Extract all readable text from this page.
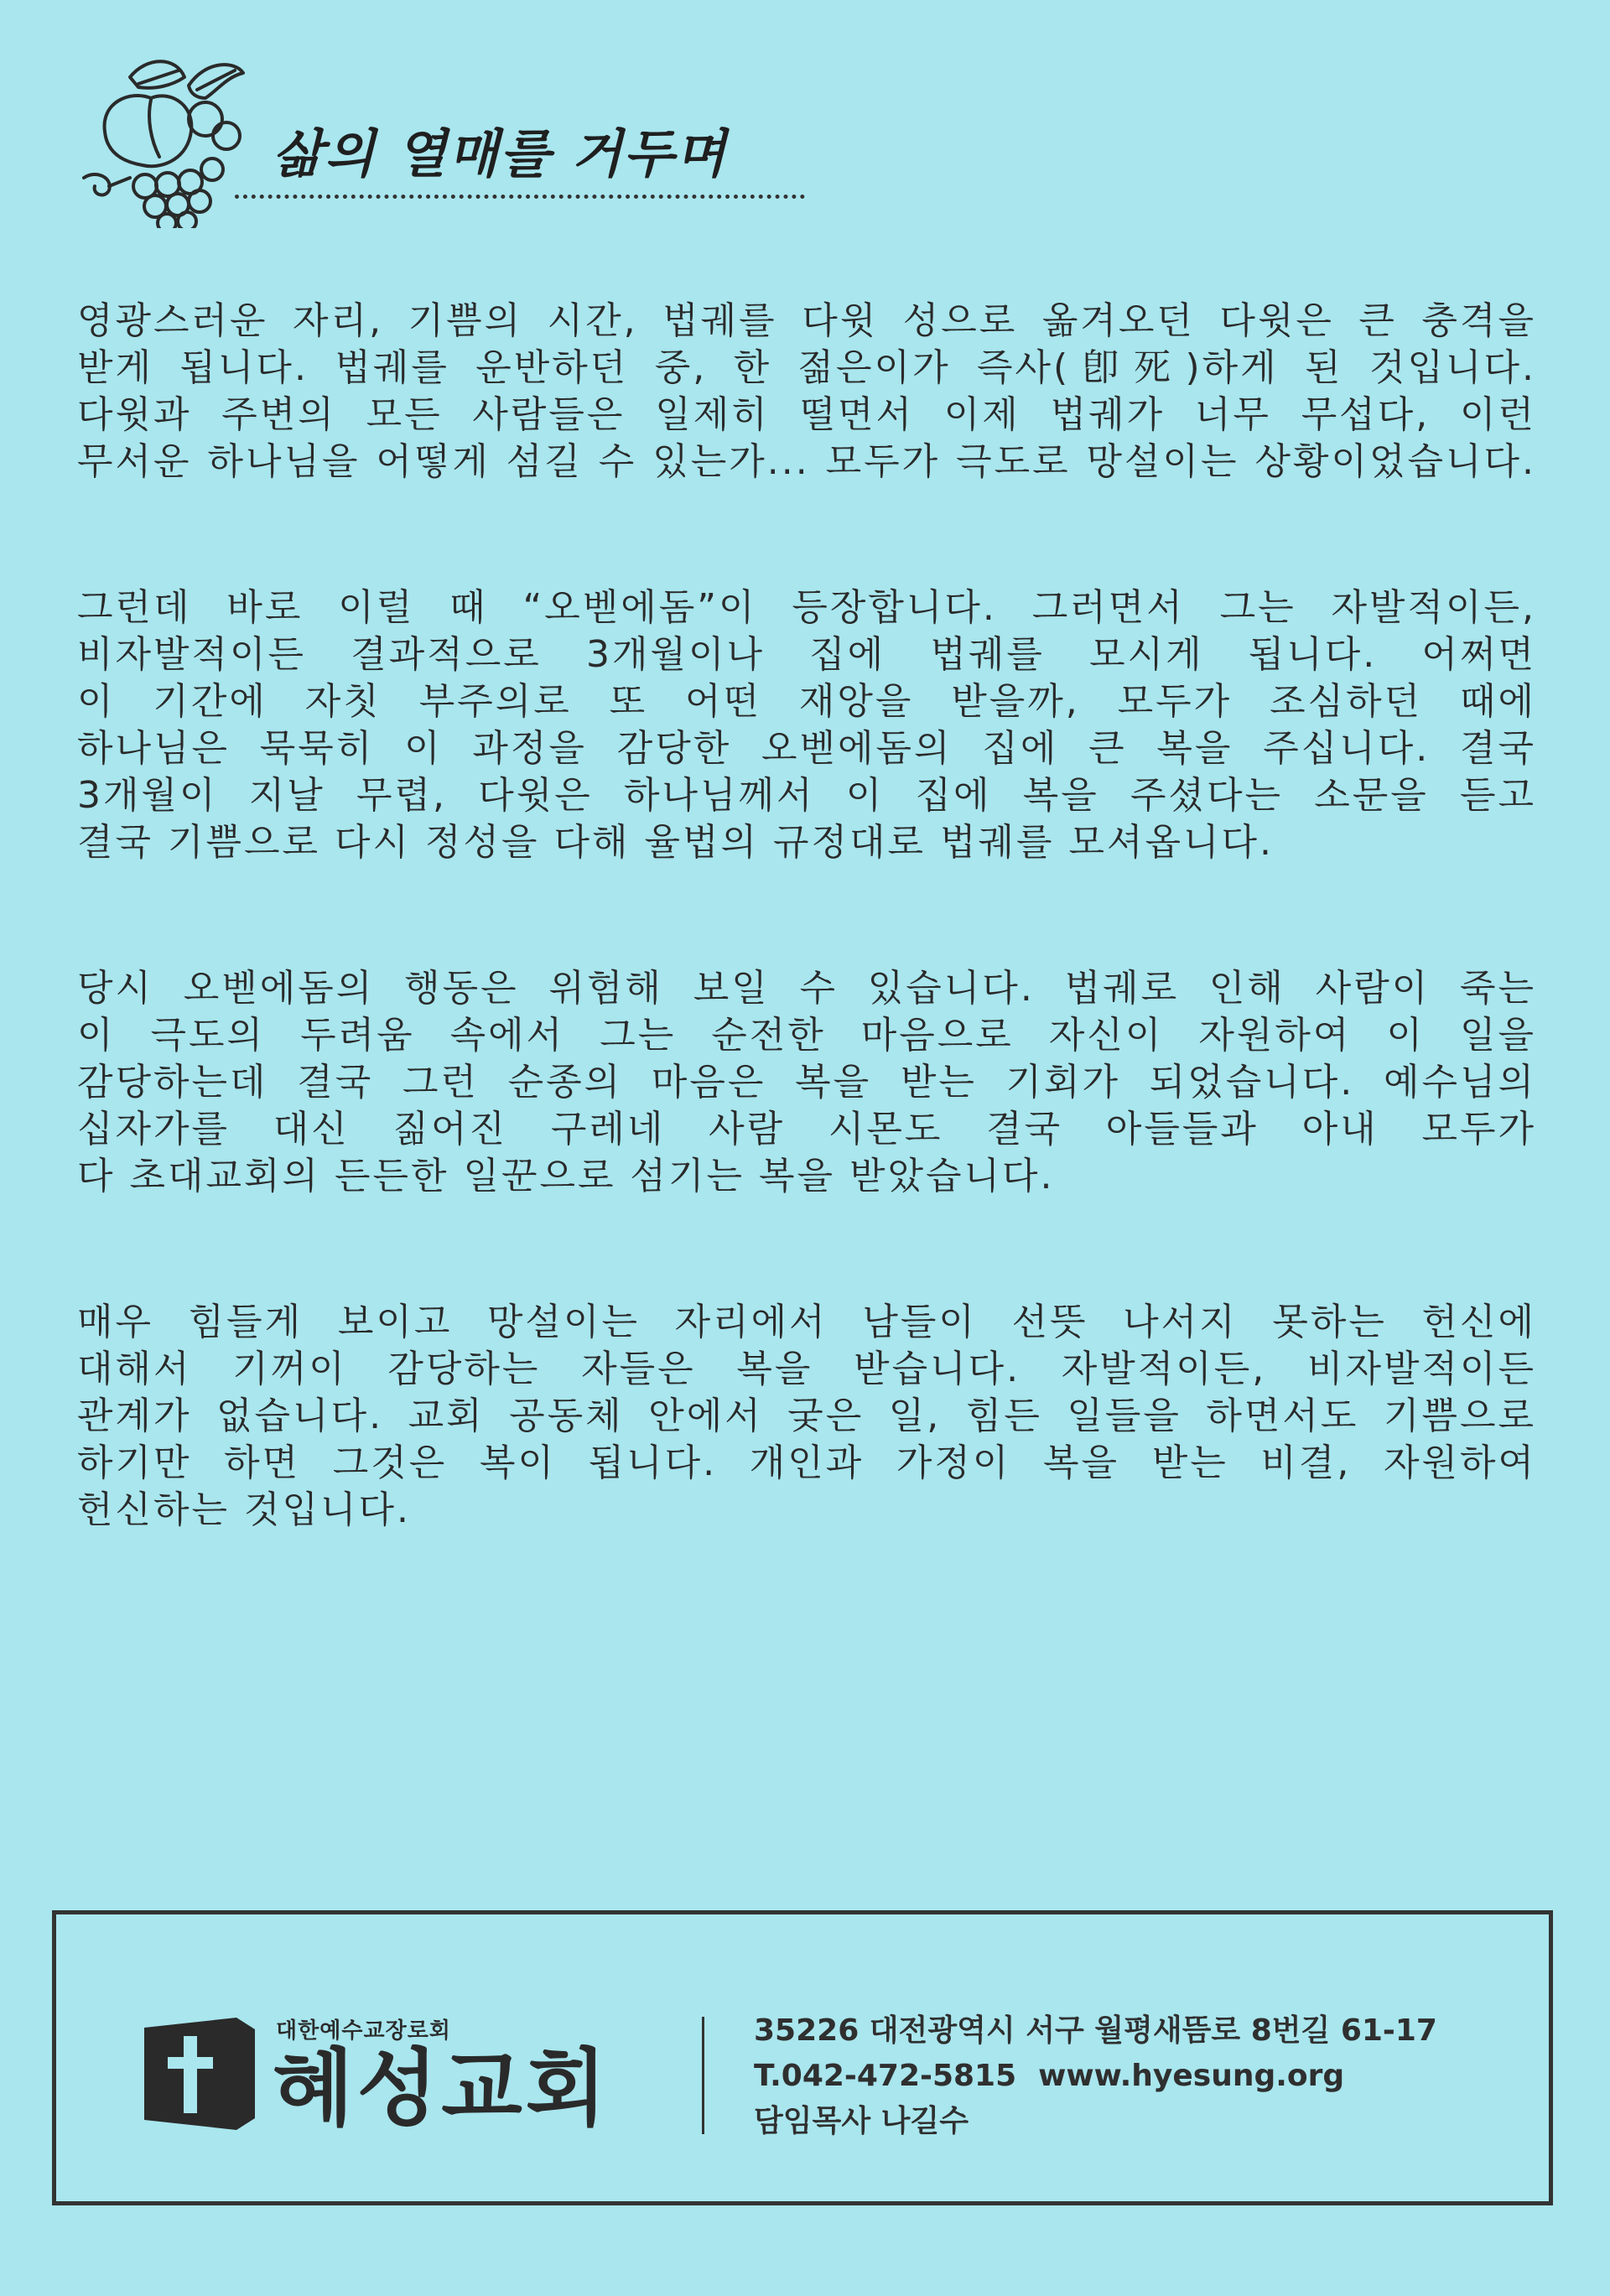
삶의 열매를 거두며
영광스러운 자리, 기쁨의 시간, 법궤를 다윗 성으로 옮겨오던 다윗은 큰 충격을
받게 됩니다. 법궤를 운반하던 중, 한 젊은이가 즉사(卽死)하게 된 것입니다.
다윗과 주변의 모든 사람들은 일제히 떨면서 이제 법궤가 너무 무섭다, 이런
무서운 하나님을 어떻게 섬길 수 있는가... 모두가 극도로 망설이는 상황이었습니다.
그런데 바로 이럴 때 “오벧에돔”이 등장합니다. 그러면서 그는 자발적이든,
비자발적이든 결과적으로 3개월이나 집에 법궤를 모시게 됩니다. 어쩌면
이 기간에 자칫 부주의로 또 어떤 재앙을 받을까, 모두가 조심하던 때에
하나님은 묵묵히 이 과정을 감당한 오벧에돔의 집에 큰 복을 주십니다. 결국
3개월이 지날 무렵, 다윗은 하나님께서 이 집에 복을 주셨다는 소문을 듣고
결국 기쁨으로 다시 정성을 다해 율법의 규정대로 법궤를 모셔옵니다.
당시 오벧에돔의 행동은 위험해 보일 수 있습니다. 법궤로 인해 사람이 죽는
이 극도의 두려움 속에서 그는 순전한 마음으로 자신이 자원하여 이 일을
감당하는데 결국 그런 순종의 마음은 복을 받는 기회가 되었습니다. 예수님의
십자가를 대신 짊어진 구레네 사람 시몬도 결국 아들들과 아내 모두가
다 초대교회의 든든한 일꾼으로 섬기는 복을 받았습니다.
매우 힘들게 보이고 망설이는 자리에서 남들이 선뜻 나서지 못하는 헌신에
대해서 기꺼이 감당하는 자들은 복을 받습니다. 자발적이든, 비자발적이든
관계가 없습니다. 교회 공동체 안에서 궂은 일, 힘든 일들을 하면서도 기쁨으로
하기만 하면 그것은 복이 됩니다. 개인과 가정이 복을 받는 비결, 자원하여
헌신하는 것입니다.
대한예수교장로회
혜성교회
35226 대전광역시 서구 월평새뜸로 8번길 61-17
T.042-472-5815 www.hyesung.org
담임목사 나길수
